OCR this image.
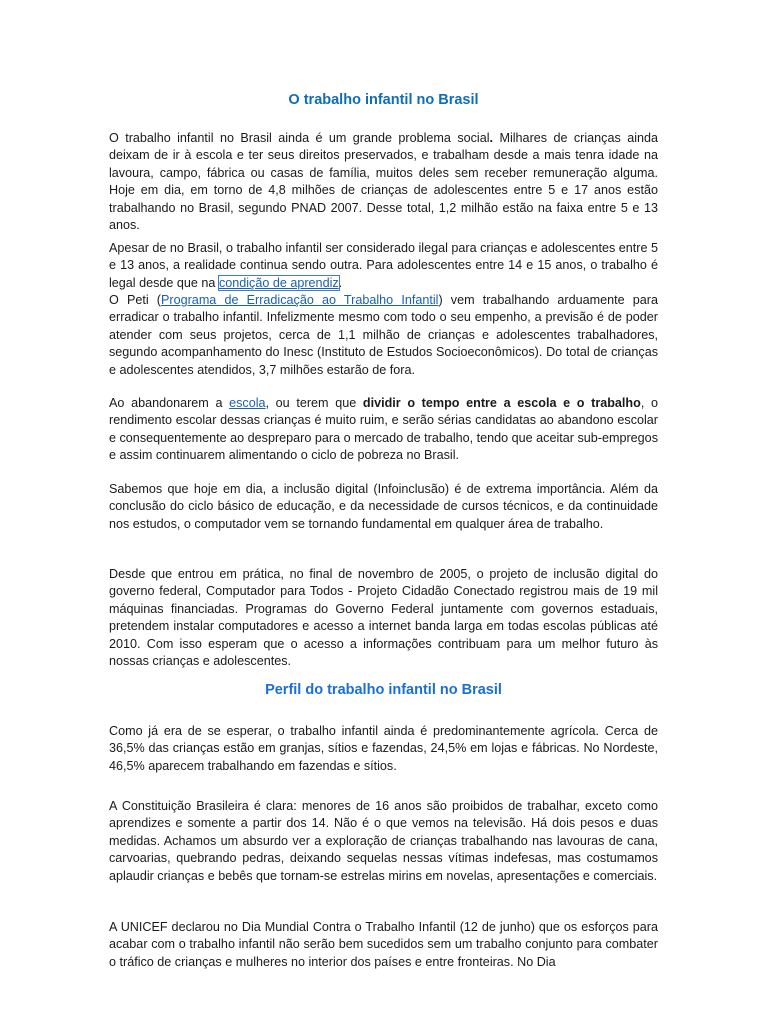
O trabalho infantil no Brasil

O trabalho infantil no Brasil ainda é um grande problema social. Milhares de crianças ainda deixam de ir à escola e ter seus direitos preservados, e trabalham desde a mais tenra idade na lavoura, campo, fábrica ou casas de família, muitos deles sem receber remuneração alguma. Hoje em dia, em torno de 4,8 milhões de crianças de adolescentes entre 5 e 17 anos estão trabalhando no Brasil, segundo PNAD 2007. Desse total, 1,2 milhão estão na faixa entre 5 e 13 anos.

Apesar de no Brasil, o trabalho infantil ser considerado ilegal para crianças e adolescentes entre 5 e 13 anos, a realidade continua sendo outra. Para adolescentes entre 14 e 15 anos, o trabalho é legal desde que na condição de aprendiz.

O Peti (Programa de Erradicação ao Trabalho Infantil) vem trabalhando arduamente para erradicar o trabalho infantil. Infelizmente mesmo com todo o seu empenho, a previsão é de poder atender com seus projetos, cerca de 1,1 milhão de crianças e adolescentes trabalhadores, segundo acompanhamento do Inesc (Instituto de Estudos Socioeconômicos). Do total de crianças e adolescentes atendidos, 3,7 milhões estarão de fora.

Ao abandonarem a escola, ou terem que dividir o tempo entre a escola e o trabalho, o rendimento escolar dessas crianças é muito ruim, e serão sérias candidatas ao abandono escolar e consequentemente ao despreparo para o mercado de trabalho, tendo que aceitar sub-empregos e assim continuarem alimentando o ciclo de pobreza no Brasil.

Sabemos que hoje em dia, a inclusão digital (Infoinclusão) é de extrema importância. Além da conclusão do ciclo básico de educação, e da necessidade de cursos técnicos, e da continuidade nos estudos, o computador vem se tornando fundamental em qualquer área de trabalho.

Desde que entrou em prática, no final de novembro de 2005, o projeto de inclusão digital do governo federal, Computador para Todos - Projeto Cidadão Conectado registrou mais de 19 mil máquinas financiadas. Programas do Governo Federal juntamente com governos estaduais, pretendem instalar computadores e acesso a internet banda larga em todas escolas públicas até 2010. Com isso esperam que o acesso a informações contribuam para um melhor futuro às nossas crianças e adolescentes.

Perfil do trabalho infantil no Brasil

Como já era de se esperar, o trabalho infantil ainda é predominantemente agrícola. Cerca de 36,5% das crianças estão em granjas, sítios e fazendas, 24,5% em lojas e fábricas. No Nordeste, 46,5% aparecem trabalhando em fazendas e sítios.

A Constituição Brasileira é clara: menores de 16 anos são proibidos de trabalhar, exceto como aprendizes e somente a partir dos 14. Não é o que vemos na televisão. Há dois pesos e duas medidas. Achamos um absurdo ver a exploração de crianças trabalhando nas lavouras de cana, carvoarias, quebrando pedras, deixando sequelas nessas vítimas indefesas, mas costumamos aplaudir crianças e bebês que tornam-se estrelas mirins em novelas, apresentações e comerciais.

A UNICEF declarou no Dia Mundial Contra o Trabalho Infantil (12 de junho) que os esforços para acabar com o trabalho infantil não serão bem sucedidos sem um trabalho conjunto para combater o tráfico de crianças e mulheres no interior dos países e entre fronteiras. No Dia
